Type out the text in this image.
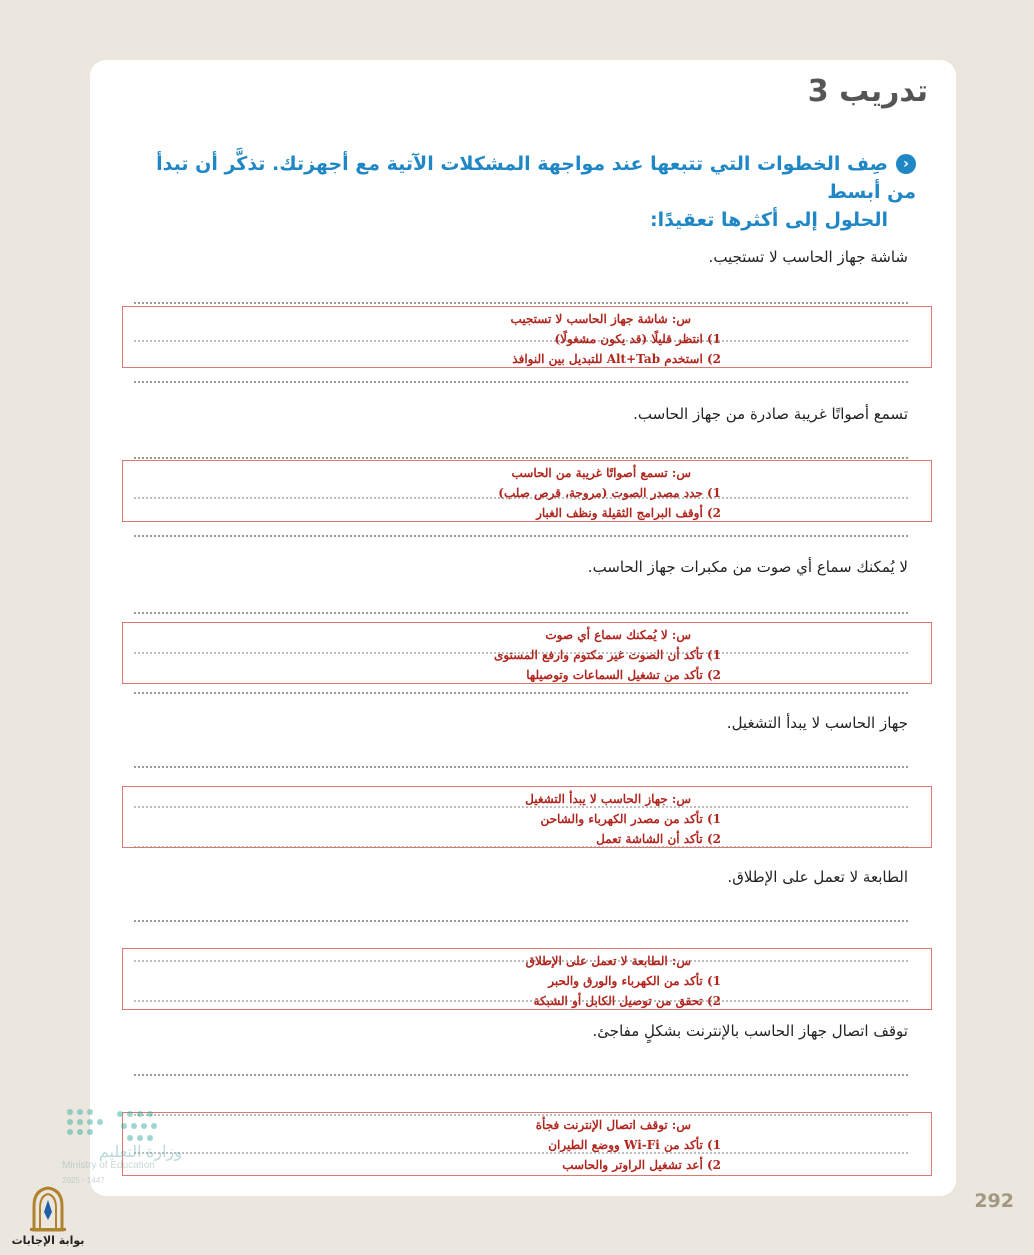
تدريب 3
‹صِف الخطوات التي تتبعها عند مواجهة المشكلات الآتية مع أجهزتك. تذكَّر أن تبدأ من أبسط
الحلول إلى أكثرها تعقيدًا:
شاشة جهاز الحاسب لا تستجيب.
س: شاشة جهاز الحاسب لا تستجيب
1) انتظر قليلًا (قد يكون مشغولًا)
2) استخدم Alt+Tab للتبديل بين النوافذ
تسمع أصواتًا غريبة صادرة من جهاز الحاسب.
س: تسمع أصواتًا غريبة من الحاسب
1) حدد مصدر الصوت (مروحة، قرص صلب)
2) أوقف البرامج الثقيلة ونظف الغبار
لا يُمكنك سماع أي صوت من مكبرات جهاز الحاسب.
س: لا يُمكنك سماع أي صوت
1) تأكد أن الصوت غير مكتوم وارفع المستوى
2) تأكد من تشغيل السماعات وتوصيلها
جهاز الحاسب لا يبدأ التشغيل.
س: جهاز الحاسب لا يبدأ التشغيل
1) تأكد من مصدر الكهرباء والشاحن
2) تأكد أن الشاشة تعمل
الطابعة لا تعمل على الإطلاق.
س: الطابعة لا تعمل على الإطلاق
1) تأكد من الكهرباء والورق والحبر
2) تحقق من توصيل الكابل أو الشبكة
توقف اتصال جهاز الحاسب بالإنترنت بشكلٍ مفاجئ.
س: توقف اتصال الإنترنت فجأة
1) تأكد من Wi-Fi ووضع الطيران
2) أعد تشغيل الراوتر والحاسب
وزارة التعليم
Ministry of Education
2025 - 1447
292
بوابة الإجابات
